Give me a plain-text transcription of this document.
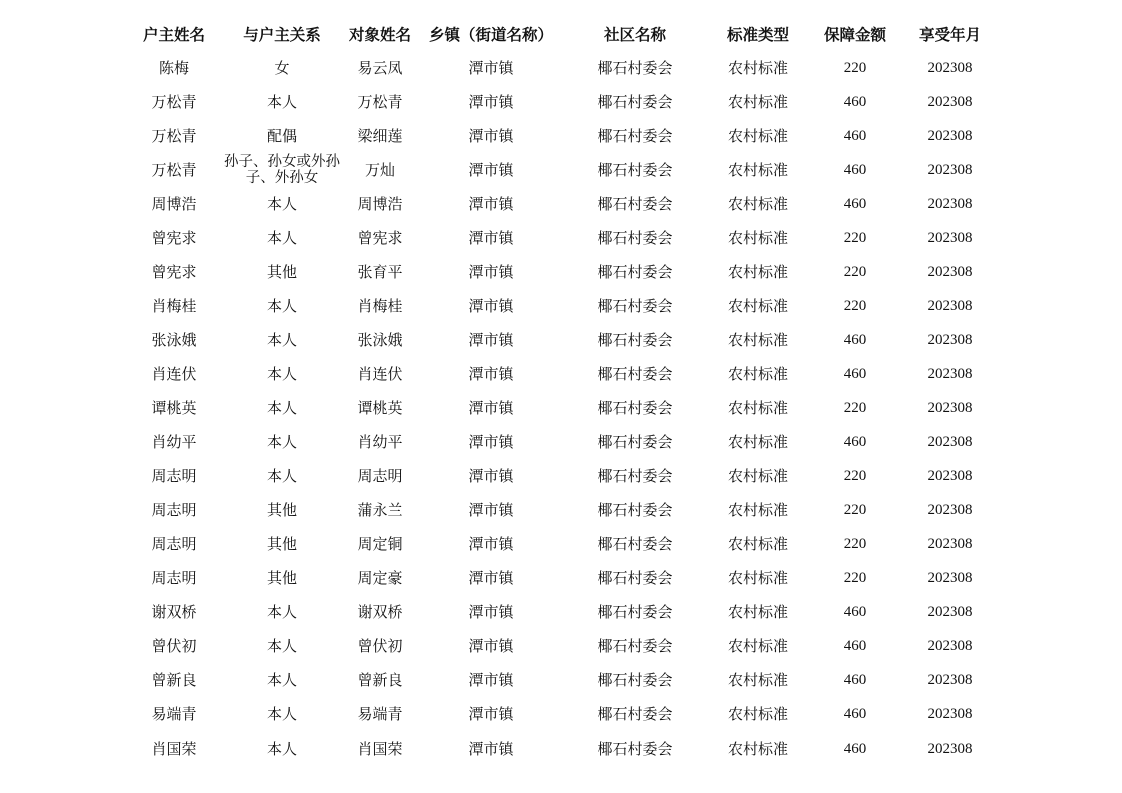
户主姓名	与户主关系	对象姓名	乡镇（街道名称）	社区名称	标准类型	保障金额	享受年月
陈梅	女	易云凤	潭市镇	椰石村委会	农村标准	220	202308
万松青	本人	万松青	潭市镇	椰石村委会	农村标准	460	202308
万松青	配偶	梁细莲	潭市镇	椰石村委会	农村标准	460	202308
万松青	孙子、孙女或外孙子、外孙女	万灿	潭市镇	椰石村委会	农村标准	460	202308
周博浩	本人	周博浩	潭市镇	椰石村委会	农村标准	460	202308
曾宪求	本人	曾宪求	潭市镇	椰石村委会	农村标准	220	202308
曾宪求	其他	张育平	潭市镇	椰石村委会	农村标准	220	202308
肖梅桂	本人	肖梅桂	潭市镇	椰石村委会	农村标准	220	202308
张泳娥	本人	张泳娥	潭市镇	椰石村委会	农村标准	460	202308
肖连伏	本人	肖连伏	潭市镇	椰石村委会	农村标准	460	202308
谭桃英	本人	谭桃英	潭市镇	椰石村委会	农村标准	220	202308
肖幼平	本人	肖幼平	潭市镇	椰石村委会	农村标准	460	202308
周志明	本人	周志明	潭市镇	椰石村委会	农村标准	220	202308
周志明	其他	蒲永兰	潭市镇	椰石村委会	农村标准	220	202308
周志明	其他	周定铜	潭市镇	椰石村委会	农村标准	220	202308
周志明	其他	周定豪	潭市镇	椰石村委会	农村标准	220	202308
谢双桥	本人	谢双桥	潭市镇	椰石村委会	农村标准	460	202308
曾伏初	本人	曾伏初	潭市镇	椰石村委会	农村标准	460	202308
曾新良	本人	曾新良	潭市镇	椰石村委会	农村标准	460	202308
易端青	本人	易端青	潭市镇	椰石村委会	农村标准	460	202308
肖国荣	本人	肖国荣	潭市镇	椰石村委会	农村标准	460	202308
